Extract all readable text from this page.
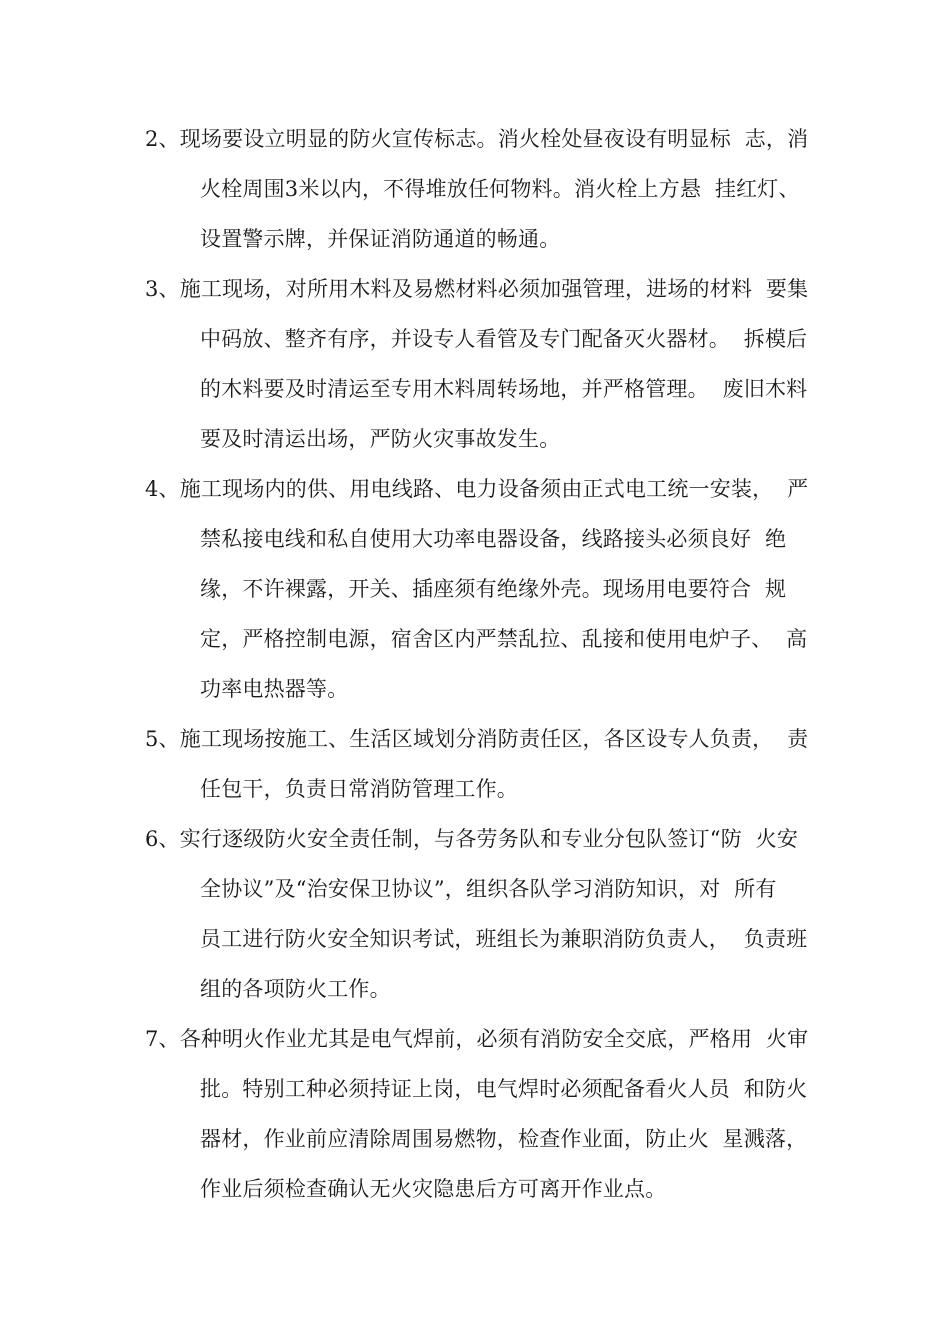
2、现场要设立明显的防火宣传标志。消火栓处昼夜设有明显标  志，消
火栓周围3米以内，不得堆放任何物料。消火栓上方悬  挂红灯、
设置警示牌，并保证消防通道的畅通。
3、施工现场，对所用木料及易燃材料必须加强管理，进场的材料  要集
中码放、整齐有序，并设专人看管及专门配备灭火器材。  拆模后
的木料要及时清运至专用木料周转场地，并严格管理。  废旧木料
要及时清运出场，严防火灾事故发生。
4、施工现场内的供、用电线路、电力设备须由正式电工统一安装，  严
禁私接电线和私自使用大功率电器设备，线路接头必须良好  绝
缘，不许裸露，开关、插座须有绝缘外壳。现场用电要符合  规
定，严格控制电源，宿舍区内严禁乱拉、乱接和使用电炉子、  高
功率电热器等。
5、施工现场按施工、生活区域划分消防责任区，各区设专人负责，  责
任包干，负责日常消防管理工作。
6、实行逐级防火安全责任制，与各劳务队和专业分包队签订“防  火安
全协议”及“治安保卫协议”，组织各队学习消防知识，对  所有
员工进行防火安全知识考试，班组长为兼职消防负责人，  负责班
组的各项防火工作。
7、各种明火作业尤其是电气焊前，必须有消防安全交底，严格用  火审
批。特别工种必须持证上岗，电气焊时必须配备看火人员  和防火
器材，作业前应清除周围易燃物，检查作业面，防止火  星溅落，
作业后须检查确认无火灾隐患后方可离开作业点。
